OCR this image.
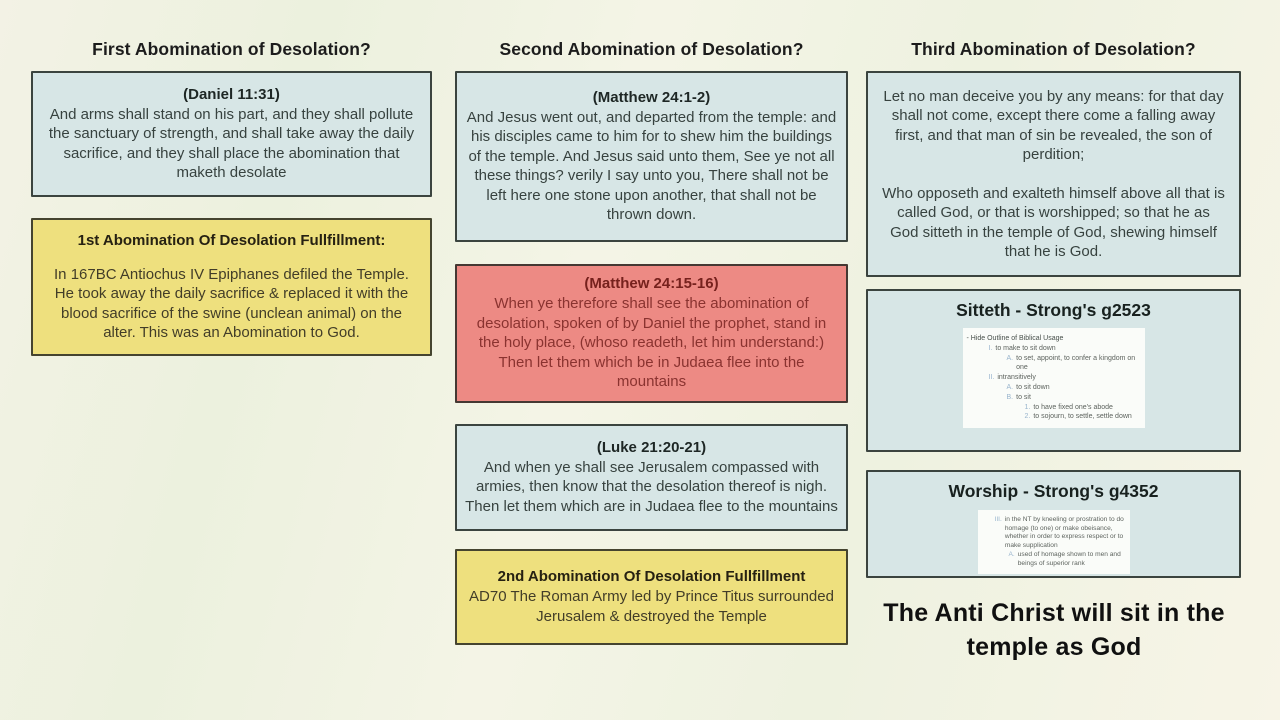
First Abomination of Desolation?	Second Abomination of Desolation?	Third Abomination of Desolation?

(Daniel 11:31)

And arms shall stand on his part, and they shall pollute the sanctuary of strength, and shall take away the daily sacrifice, and they shall place the abomination that maketh desolate

1st Abomination Of Desolation Fullfillment:

In 167BC Antiochus IV Epiphanes defiled the Temple. He took away the daily sacrifice & replaced it with the blood sacrifice of the swine (unclean animal) on the alter. This was an Abomination to God.

(Matthew 24:1-2)

And Jesus went out, and departed from the temple: and his disciples came to him for to shew him the buildings of the temple. And Jesus said unto them, See ye not all these things? verily I say unto you, There shall not be left here one stone upon another, that shall not be thrown down.

(Matthew 24:15-16)

When ye therefore shall see the abomination of desolation, spoken of by Daniel the prophet, stand in the holy place, (whoso readeth, let him understand:) Then let them which be in Judaea flee into the mountains

(Luke 21:20-21)

And when ye shall see Jerusalem compassed with armies, then know that the desolation thereof is nigh. Then let them which are in Judaea flee to the mountains

2nd Abomination Of Desolation Fullfillment

AD70 The Roman Army led by Prince Titus surrounded Jerusalem & destroyed the Temple

Let no man deceive you by any means: for that day shall not come, except there come a falling away first, and that man of sin be revealed, the son of perdition;

Who opposeth and exalteth himself above all that is called God, or that is worshipped; so that he as God sitteth in the temple of God, shewing himself that he is God.

Sitteth - Strong's g2523
- Hide Outline of Biblical Usage
I. to make to sit down
A. to set, appoint, to confer a kingdom on one
II. intransitively
A. to sit down
B. to sit
1. to have fixed one's abode
2. to sojourn, to settle, settle down
Worship - Strong's g4352
III. in the NT by kneeling or prostration to do homage (to one) or make obeisance, whether in order to express respect or to make supplication
A. used of homage shown to men and beings of superior rank
The Anti Christ will sit in the temple as God
